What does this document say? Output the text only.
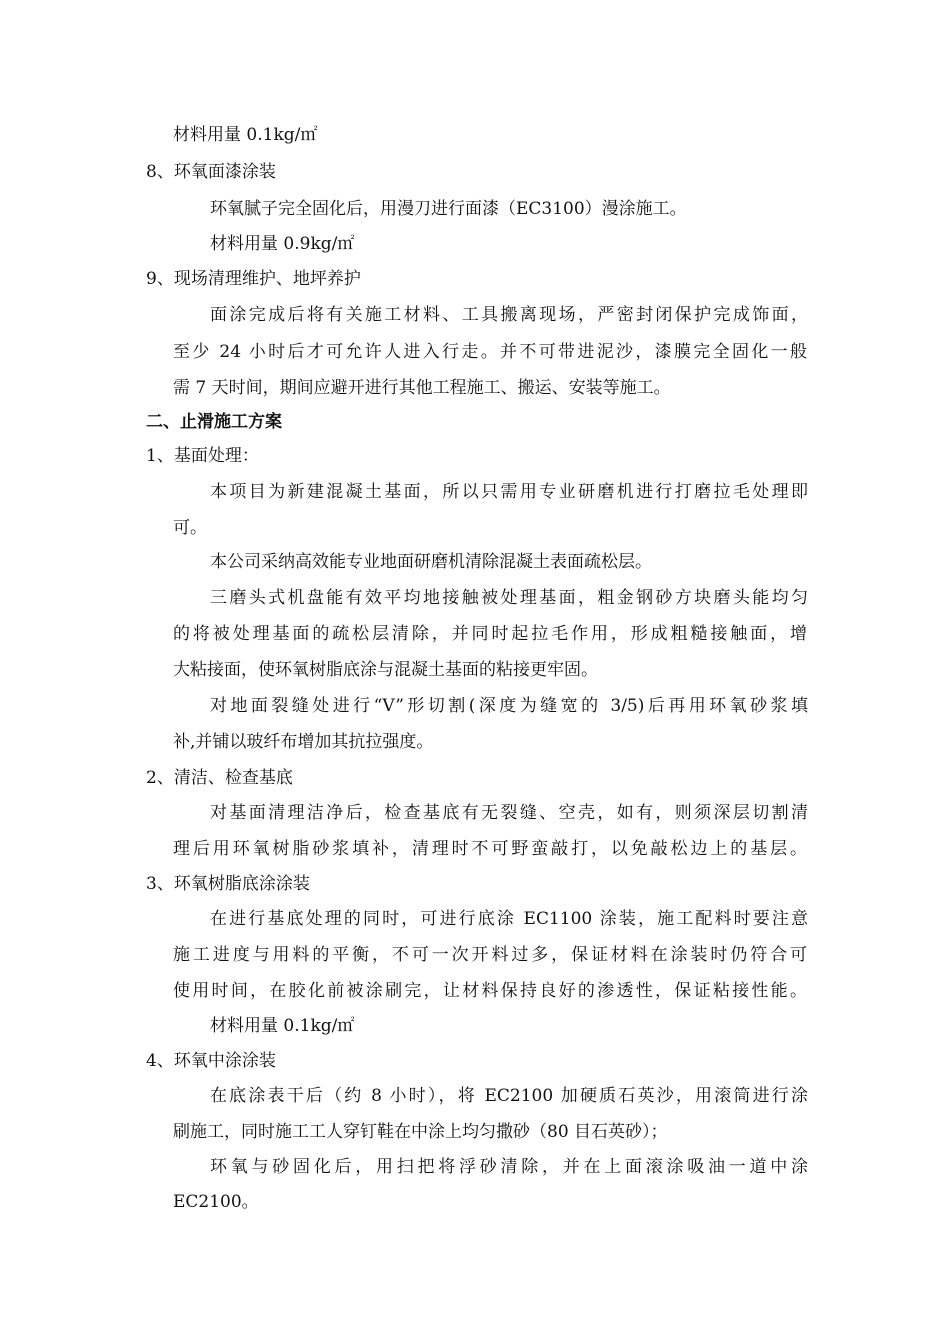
材料用量 0.1kg/㎡
8、环氧面漆涂装
环氧腻子完全固化后，用漫刀进行面漆（EC3100）漫涂施工。
材料用量 0.9kg/㎡
9、现场清理维护、地坪养护
面涂完成后将有关施工材料、工具搬离现场，严密封闭保护完成饰面，
至少 24 小时后才可允许人进入行走。并不可带进泥沙，漆膜完全固化一般
需 7 天时间，期间应避开进行其他工程施工、搬运、安装等施工。
二、止滑施工方案
1、基面处理：
本项目为新建混凝土基面，所以只需用专业研磨机进行打磨拉毛处理即
可。
本公司采纳高效能专业地面研磨机清除混凝土表面疏松层。
三磨头式机盘能有效平均地接触被处理基面，粗金钢砂方块磨头能均匀
的将被处理基面的疏松层清除，并同时起拉毛作用，形成粗糙接触面，增
大粘接面，使环氧树脂底涂与混凝土基面的粘接更牢固。
对地面裂缝处进行“V”形切割(深度为缝宽的 3/5)后再用环氧砂浆填
补,并铺以玻纤布增加其抗拉强度。
2、清洁、检查基底
对基面清理洁净后，检查基底有无裂缝、空壳，如有，则须深层切割清
理后用环氧树脂砂浆填补，清理时不可野蛮敲打，以免敲松边上的基层。
3、环氧树脂底涂涂装
在进行基底处理的同时，可进行底涂 EC1100 涂装，施工配料时要注意
施工进度与用料的平衡，不可一次开料过多，保证材料在涂装时仍符合可
使用时间，在胶化前被涂刷完，让材料保持良好的渗透性，保证粘接性能。
材料用量 0.1kg/㎡
4、环氧中涂涂装
在底涂表干后（约 8 小时），将 EC2100 加硬质石英沙，用滚筒进行涂
刷施工，同时施工工人穿钉鞋在中涂上均匀撒砂（80 目石英砂）；
环氧与砂固化后，用扫把将浮砂清除，并在上面滚涂吸油一道中涂
EC2100。
